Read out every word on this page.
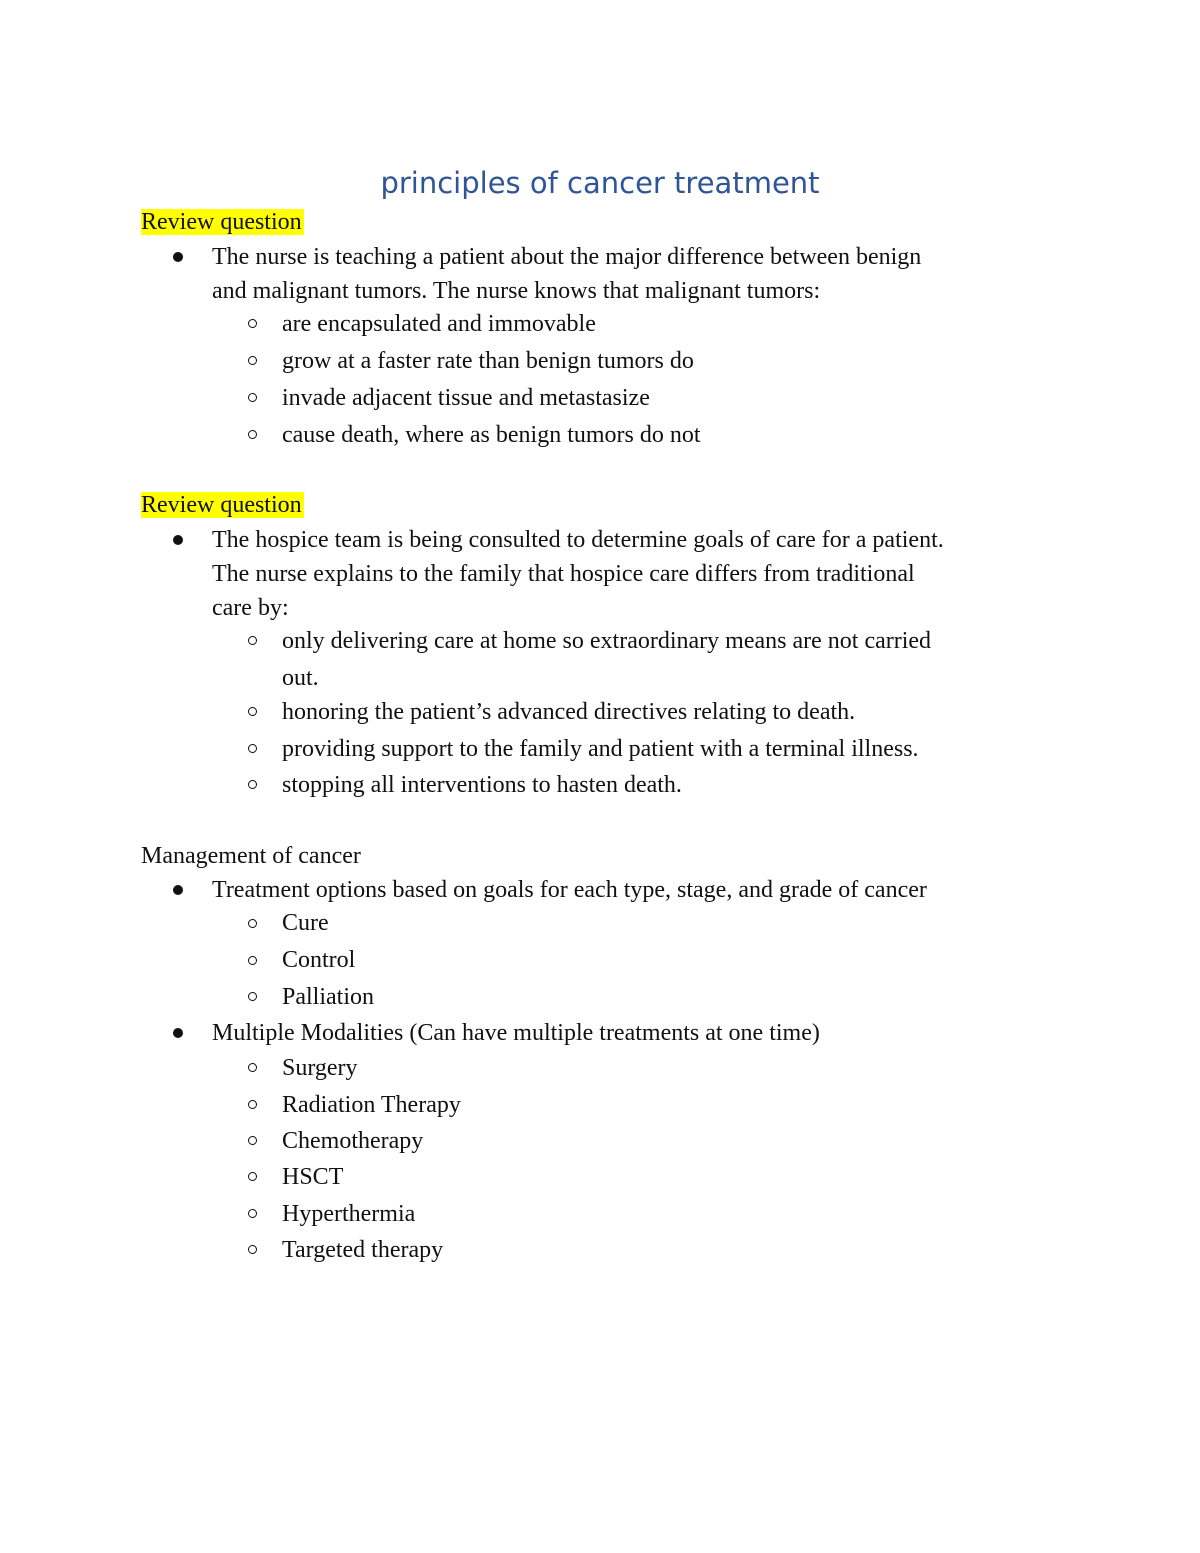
principles of cancer treatment
Review question
The nurse is teaching a patient about the major difference between benign
and malignant tumors. The nurse knows that malignant tumors:
are encapsulated and immovable
grow at a faster rate than benign tumors do
invade adjacent tissue and metastasize
cause death, where as benign tumors do not
Review question
The hospice team is being consulted to determine goals of care for a patient.
The nurse explains to the family that hospice care differs from traditional
care by:
only delivering care at home so extraordinary means are not carried
out.
honoring the patient’s advanced directives relating to death.
providing support to the family and patient with a terminal illness.
stopping all interventions to hasten death.
Management of cancer
Treatment options based on goals for each type, stage, and grade of cancer
Cure
Control
Palliation
Multiple Modalities (Can have multiple treatments at one time)
Surgery
Radiation Therapy
Chemotherapy
HSCT
Hyperthermia
Targeted therapy
